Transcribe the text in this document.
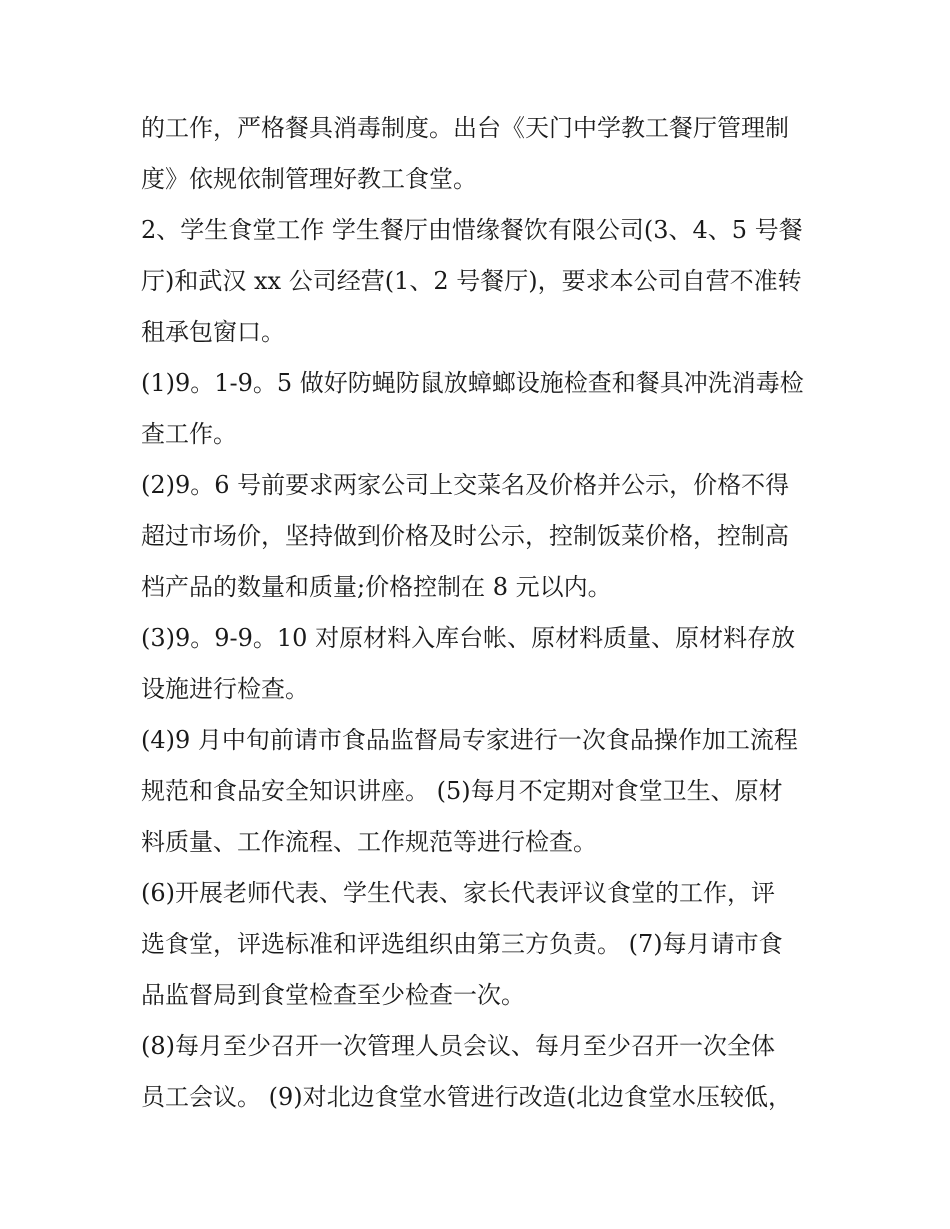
的工作，严格餐具消毒制度。出台《天门中学教工餐厅管理制
度》依规依制管理好教工食堂。
2、学生食堂工作 学生餐厅由惜缘餐饮有限公司(3、4、5 号餐
厅)和武汉 xx 公司经营(1、2 号餐厅)，要求本公司自营不准转
租承包窗口。
(1)9。1-9。5 做好防蝇防鼠放蟑螂设施检查和餐具冲洗消毒检
查工作。
(2)9。6 号前要求两家公司上交菜名及价格并公示，价格不得
超过市场价，坚持做到价格及时公示，控制饭菜价格，控制高
档产品的数量和质量;价格控制在 8 元以内。
(3)9。9-9。10 对原材料入库台帐、原材料质量、原材料存放
设施进行检查。
(4)9 月中旬前请市食品监督局专家进行一次食品操作加工流程
规范和食品安全知识讲座。 (5)每月不定期对食堂卫生、原材
料质量、工作流程、工作规范等进行检查。
(6)开展老师代表、学生代表、家长代表评议食堂的工作，评
选食堂，评选标准和评选组织由第三方负责。 (7)每月请市食
品监督局到食堂检查至少检查一次。
(8)每月至少召开一次管理人员会议、每月至少召开一次全体
员工会议。 (9)对北边食堂水管进行改造(北边食堂水压较低，
